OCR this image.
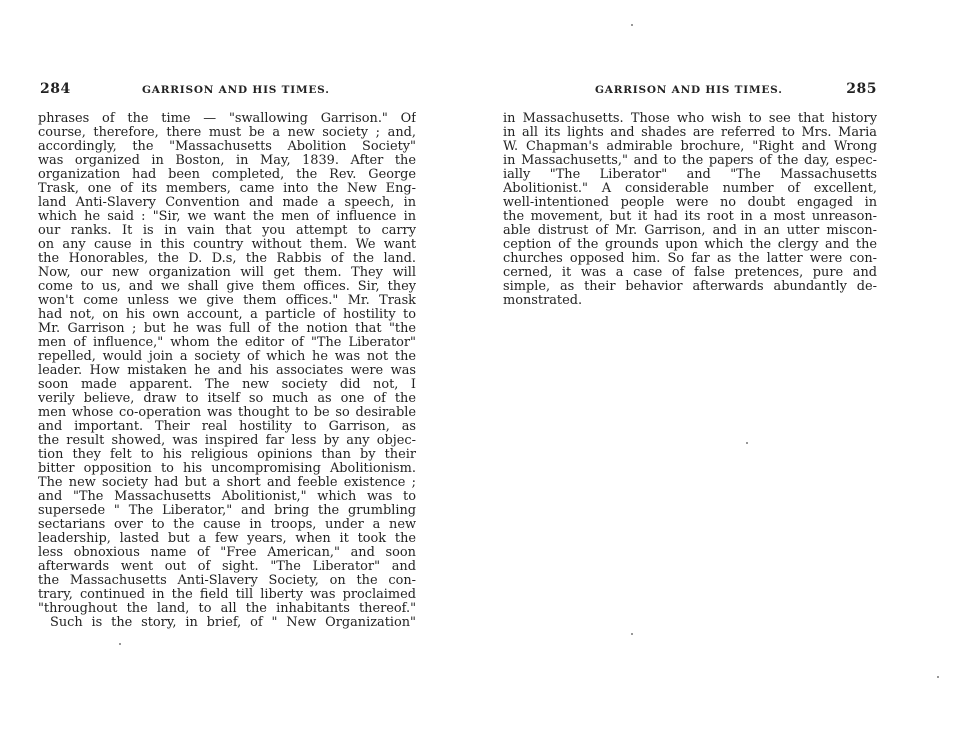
284	GARRISON AND HIS TIMES.
phrases of the time — "swallowing Garrison." Of
course, therefore, there must be a new society ; and,
accordingly, the "Massachusetts Abolition Society"
was organized in Boston, in May, 1839. After the
organization had been completed, the Rev. George
Trask, one of its members, came into the New Eng-
land Anti-Slavery Convention and made a speech, in
which he said : "Sir, we want the men of influence in
our ranks. It is in vain that you attempt to carry
on any cause in this country without them. We want
the Honorables, the D. D.s, the Rabbis of the land.
Now, our new organization will get them. They will
come to us, and we shall give them offices. Sir, they
won't come unless we give them offices." Mr. Trask
had not, on his own account, a particle of hostility to
Mr. Garrison ; but he was full of the notion that "the
men of influence," whom the editor of "The Liberator"
repelled, would join a society of which he was not the
leader. How mistaken he and his associates were was
soon made apparent. The new society did not, I
verily believe, draw to itself so much as one of the
men whose co-operation was thought to be so desirable
and important. Their real hostility to Garrison, as
the result showed, was inspired far less by any objec-
tion they felt to his religious opinions than by their
bitter opposition to his uncompromising Abolitionism.
The new society had but a short and feeble existence ;
and "The Massachusetts Abolitionist," which was to
supersede " The Liberator," and bring the grumbling
sectarians over to the cause in troops, under a new
leadership, lasted but a few years, when it took the
less obnoxious name of "Free American," and soon
afterwards went out of sight. "The Liberator" and
the Massachusetts Anti-Slavery Society, on the con-
trary, continued in the field till liberty was proclaimed
"throughout the land, to all the inhabitants thereof."
Such is the story, in brief, of " New Organization"
GARRISON AND HIS TIMES.	285
in Massachusetts. Those who wish to see that history
in all its lights and shades are referred to Mrs. Maria
W. Chapman's admirable brochure, "Right and Wrong
in Massachusetts," and to the papers of the day, espec-
ially "The Liberator" and "The Massachusetts
Abolitionist." A considerable number of excellent,
well-intentioned people were no doubt engaged in
the movement, but it had its root in a most unreason-
able distrust of Mr. Garrison, and in an utter miscon-
ception of the grounds upon which the clergy and the
churches opposed him. So far as the latter were con-
cerned, it was a case of false pretences, pure and
simple, as their behavior afterwards abundantly de-
monstrated.
